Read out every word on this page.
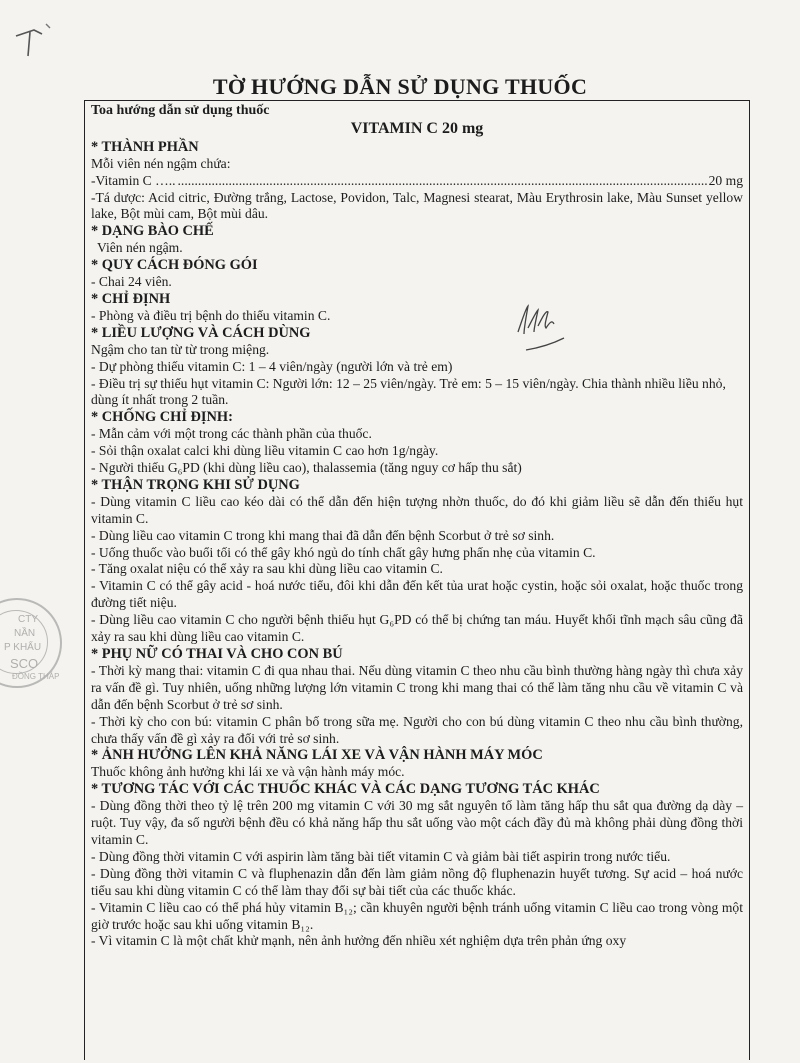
TỜ HƯỚNG DẪN SỬ DỤNG THUỐC
Toa hướng dẫn sử dụng thuốc
VITAMIN C 20 mg
* THÀNH PHẦN
Mỗi viên nén ngậm chứa:
-Vitamin C …..
.....	20 mg
-Tá dược: Acid citric, Đường trắng, Lactose, Povidon, Talc, Magnesi stearat, Màu Erythrosin lake, Màu Sunset yellow lake, Bột mùi cam, Bột mùi dâu.
* DẠNG BÀO CHẾ
Viên nén ngậm.
* QUY CÁCH ĐÓNG GÓI
- Chai 24 viên.
* CHỈ ĐỊNH
- Phòng và điều trị bệnh do thiếu vitamin C.
* LIỀU LƯỢNG VÀ CÁCH DÙNG
Ngậm cho tan từ từ trong miệng.
- Dự phòng thiếu vitamin C: 1 – 4 viên/ngày (người lớn và trẻ em)
- Điều trị sự thiếu hụt vitamin C: Người lớn: 12 – 25 viên/ngày. Trẻ em: 5 – 15 viên/ngày. Chia thành nhiều liều nhỏ, dùng ít nhất trong 2 tuần.
* CHỐNG CHỈ ĐỊNH:
- Mẫn cảm với một trong các thành phần của thuốc.
- Sỏi thận oxalat calci khi dùng liều vitamin C cao hơn 1g/ngày.
- Người thiếu G₆PD (khi dùng liều cao), thalassemia (tăng nguy cơ hấp thu sắt)
* THẬN TRỌNG KHI SỬ DỤNG
- Dùng vitamin C liều cao kéo dài có thể dẫn đến hiện tượng nhờn thuốc, do đó khi giảm liều sẽ dẫn đến thiếu hụt vitamin C.
- Dùng liều cao vitamin C trong khi mang thai đã dẫn đến bệnh Scorbut ở trẻ sơ sinh.
- Uống thuốc vào buổi tối có thể gây khó ngủ do tính chất gây hưng phấn nhẹ của vitamin C.
- Tăng oxalat niệu có thể xảy ra sau khi dùng liều cao vitamin C.
- Vitamin C có thể gây acid - hoá nước tiểu, đôi khi dẫn đến kết tủa urat hoặc cystin, hoặc sỏi oxalat, hoặc thuốc trong đường tiết niệu.
- Dùng liều cao vitamin C cho người bệnh thiếu hụt G₆PD có thể bị chứng tan máu. Huyết khối tĩnh mạch sâu cũng đã xảy ra sau khi dùng liều cao vitamin C.
* PHỤ NỮ CÓ THAI VÀ CHO CON BÚ
- Thời kỳ mang thai: vitamin C đi qua nhau thai. Nếu dùng vitamin C theo nhu cầu bình thường hàng ngày thì chưa xảy ra vấn đề gì. Tuy nhiên, uống những lượng lớn vitamin C trong khi mang thai có thể làm tăng nhu cầu về vitamin C và dẫn đến bệnh Scorbut ở trẻ sơ sinh.
- Thời kỳ cho con bú: vitamin C phân bố trong sữa mẹ. Người cho con bú dùng vitamin C theo nhu cầu bình thường, chưa thấy vấn đề gì xảy ra đối với trẻ sơ sinh.
* ẢNH HƯỞNG LÊN KHẢ NĂNG LÁI XE VÀ VẬN HÀNH MÁY MÓC
Thuốc không ảnh hưởng khi lái xe và vận hành máy móc.
* TƯƠNG TÁC VỚI CÁC THUỐC KHÁC VÀ CÁC DẠNG TƯƠNG TÁC KHÁC
- Dùng đồng thời theo tỷ lệ trên 200 mg vitamin C với 30 mg sắt nguyên tố làm tăng hấp thu sắt qua đường dạ dày – ruột. Tuy vậy, đa số người bệnh đều có khả năng hấp thu sắt uống vào một cách đầy đủ mà không phải dùng đồng thời vitamin C.
- Dùng đồng thời vitamin C với aspirin làm tăng bài tiết vitamin C và giảm bài tiết aspirin trong nước tiểu.
- Dùng đồng thời vitamin C và fluphenazin dẫn đến làm giảm nồng độ fluphenazin huyết tương. Sự acid – hoá nước tiểu sau khi dùng vitamin C có thể làm thay đổi sự bài tiết của các thuốc khác.
- Vitamin C liều cao có thể phá hủy vitamin B₁₂; cần khuyên người bệnh tránh uống vitamin C liều cao trong vòng một giờ trước hoặc sau khi uống vitamin B₁₂.
- Vì vitamin C là một chất khử mạnh, nên ảnh hưởng đến nhiều xét nghiệm dựa trên phản ứng oxy
CTY
NẦN
P KHẨU
SCO
ĐỒNG THÁP
